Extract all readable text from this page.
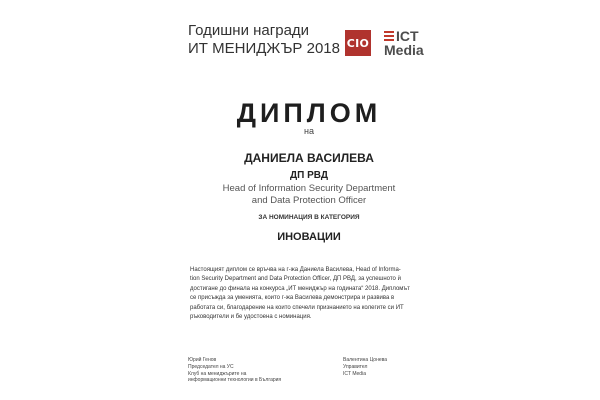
Годишни награди
ИТ МЕНИДЖЪР 2018 CIO	ICT
Media
ДИПЛОМ
на
ДАНИЕЛА ВАСИЛЕВА
ДП РВД
Head of Information Security Department
and Data Protection Officer
ЗА НОМИНАЦИЯ В КАТЕГОРИЯ
ИНОВАЦИИ
Настоящият диплом се връчва на г-жа Даниела Василева, Head of Informa-
tion Security Department and Data Protection Officer, ДП РВД, за успешното ѝ
достигане до финала на конкурса „ИТ мениджър на годината“ 2018. Дипломът
се присъжда за уменията, които г-жа Василева демонстрира и развива в
работата си, благодарение на които спечели признанието на колегите си ИТ
ръководители и бе удостоена с номинация.
Юрий Генов
Председател на УС
Клуб на мениджърите на
информационни технологии в България
Валентина Цонева
Управител
ICT Media
